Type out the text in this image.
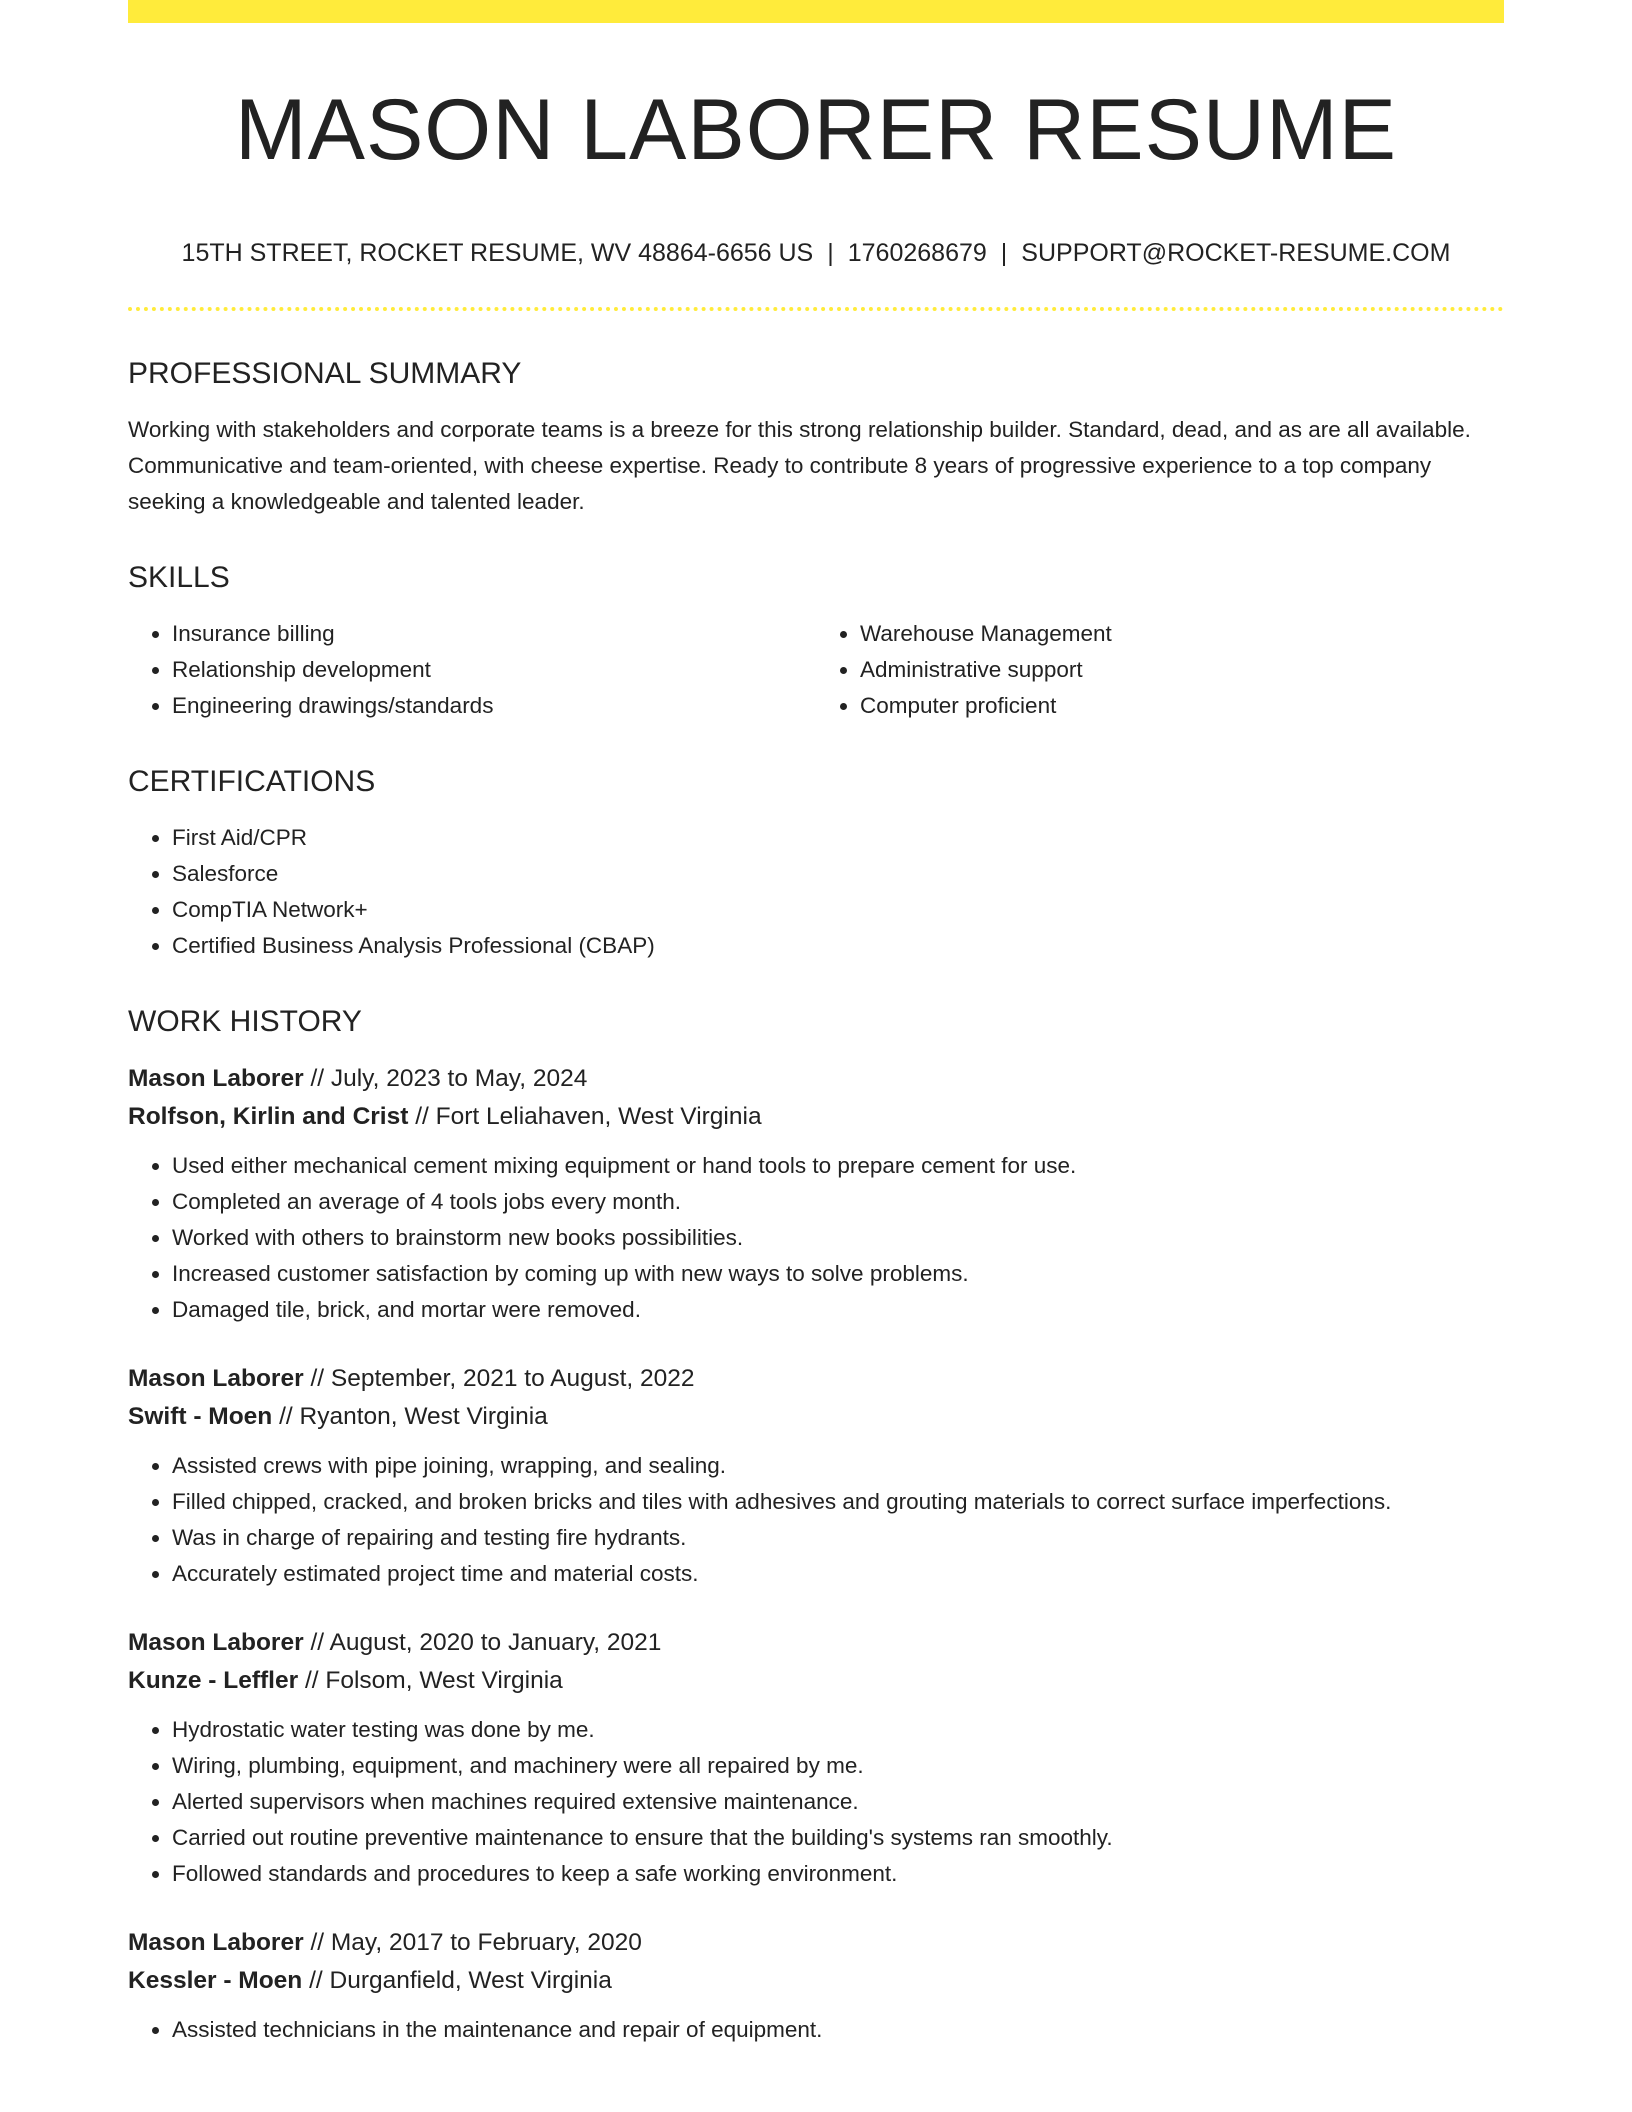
MASON LABORER RESUME
15TH STREET, ROCKET RESUME, WV 48864-6656 US | 1760268679 | SUPPORT@ROCKET-RESUME.COM
PROFESSIONAL SUMMARY

Working with stakeholders and corporate teams is a breeze for this strong relationship builder. Standard, dead, and as are all available. Communicative and team-oriented, with cheese expertise. Ready to contribute 8 years of progressive experience to a top company seeking a knowledgeable and talented leader.

SKILLS
• Insurance billing
• Relationship development
• Engineering drawings/standards
• Warehouse Management
• Administrative support
• Computer proficient
CERTIFICATIONS
• First Aid/CPR
• Salesforce
• CompTIA Network+
• Certified Business Analysis Professional (CBAP)
WORK HISTORY
Mason Laborer // July, 2023 to May, 2024
Rolfson, Kirlin and Crist // Fort Leliahaven, West Virginia
• Used either mechanical cement mixing equipment or hand tools to prepare cement for use.
• Completed an average of 4 tools jobs every month.
• Worked with others to brainstorm new books possibilities.
• Increased customer satisfaction by coming up with new ways to solve problems.
• Damaged tile, brick, and mortar were removed.
Mason Laborer // September, 2021 to August, 2022
Swift - Moen // Ryanton, West Virginia
• Assisted crews with pipe joining, wrapping, and sealing.
• Filled chipped, cracked, and broken bricks and tiles with adhesives and grouting materials to correct surface imperfections.
• Was in charge of repairing and testing fire hydrants.
• Accurately estimated project time and material costs.
Mason Laborer // August, 2020 to January, 2021
Kunze - Leffler // Folsom, West Virginia
• Hydrostatic water testing was done by me.
• Wiring, plumbing, equipment, and machinery were all repaired by me.
• Alerted supervisors when machines required extensive maintenance.
• Carried out routine preventive maintenance to ensure that the building's systems ran smoothly.
• Followed standards and procedures to keep a safe working environment.
Mason Laborer // May, 2017 to February, 2020
Kessler - Moen // Durganfield, West Virginia
• Assisted technicians in the maintenance and repair of equipment.
